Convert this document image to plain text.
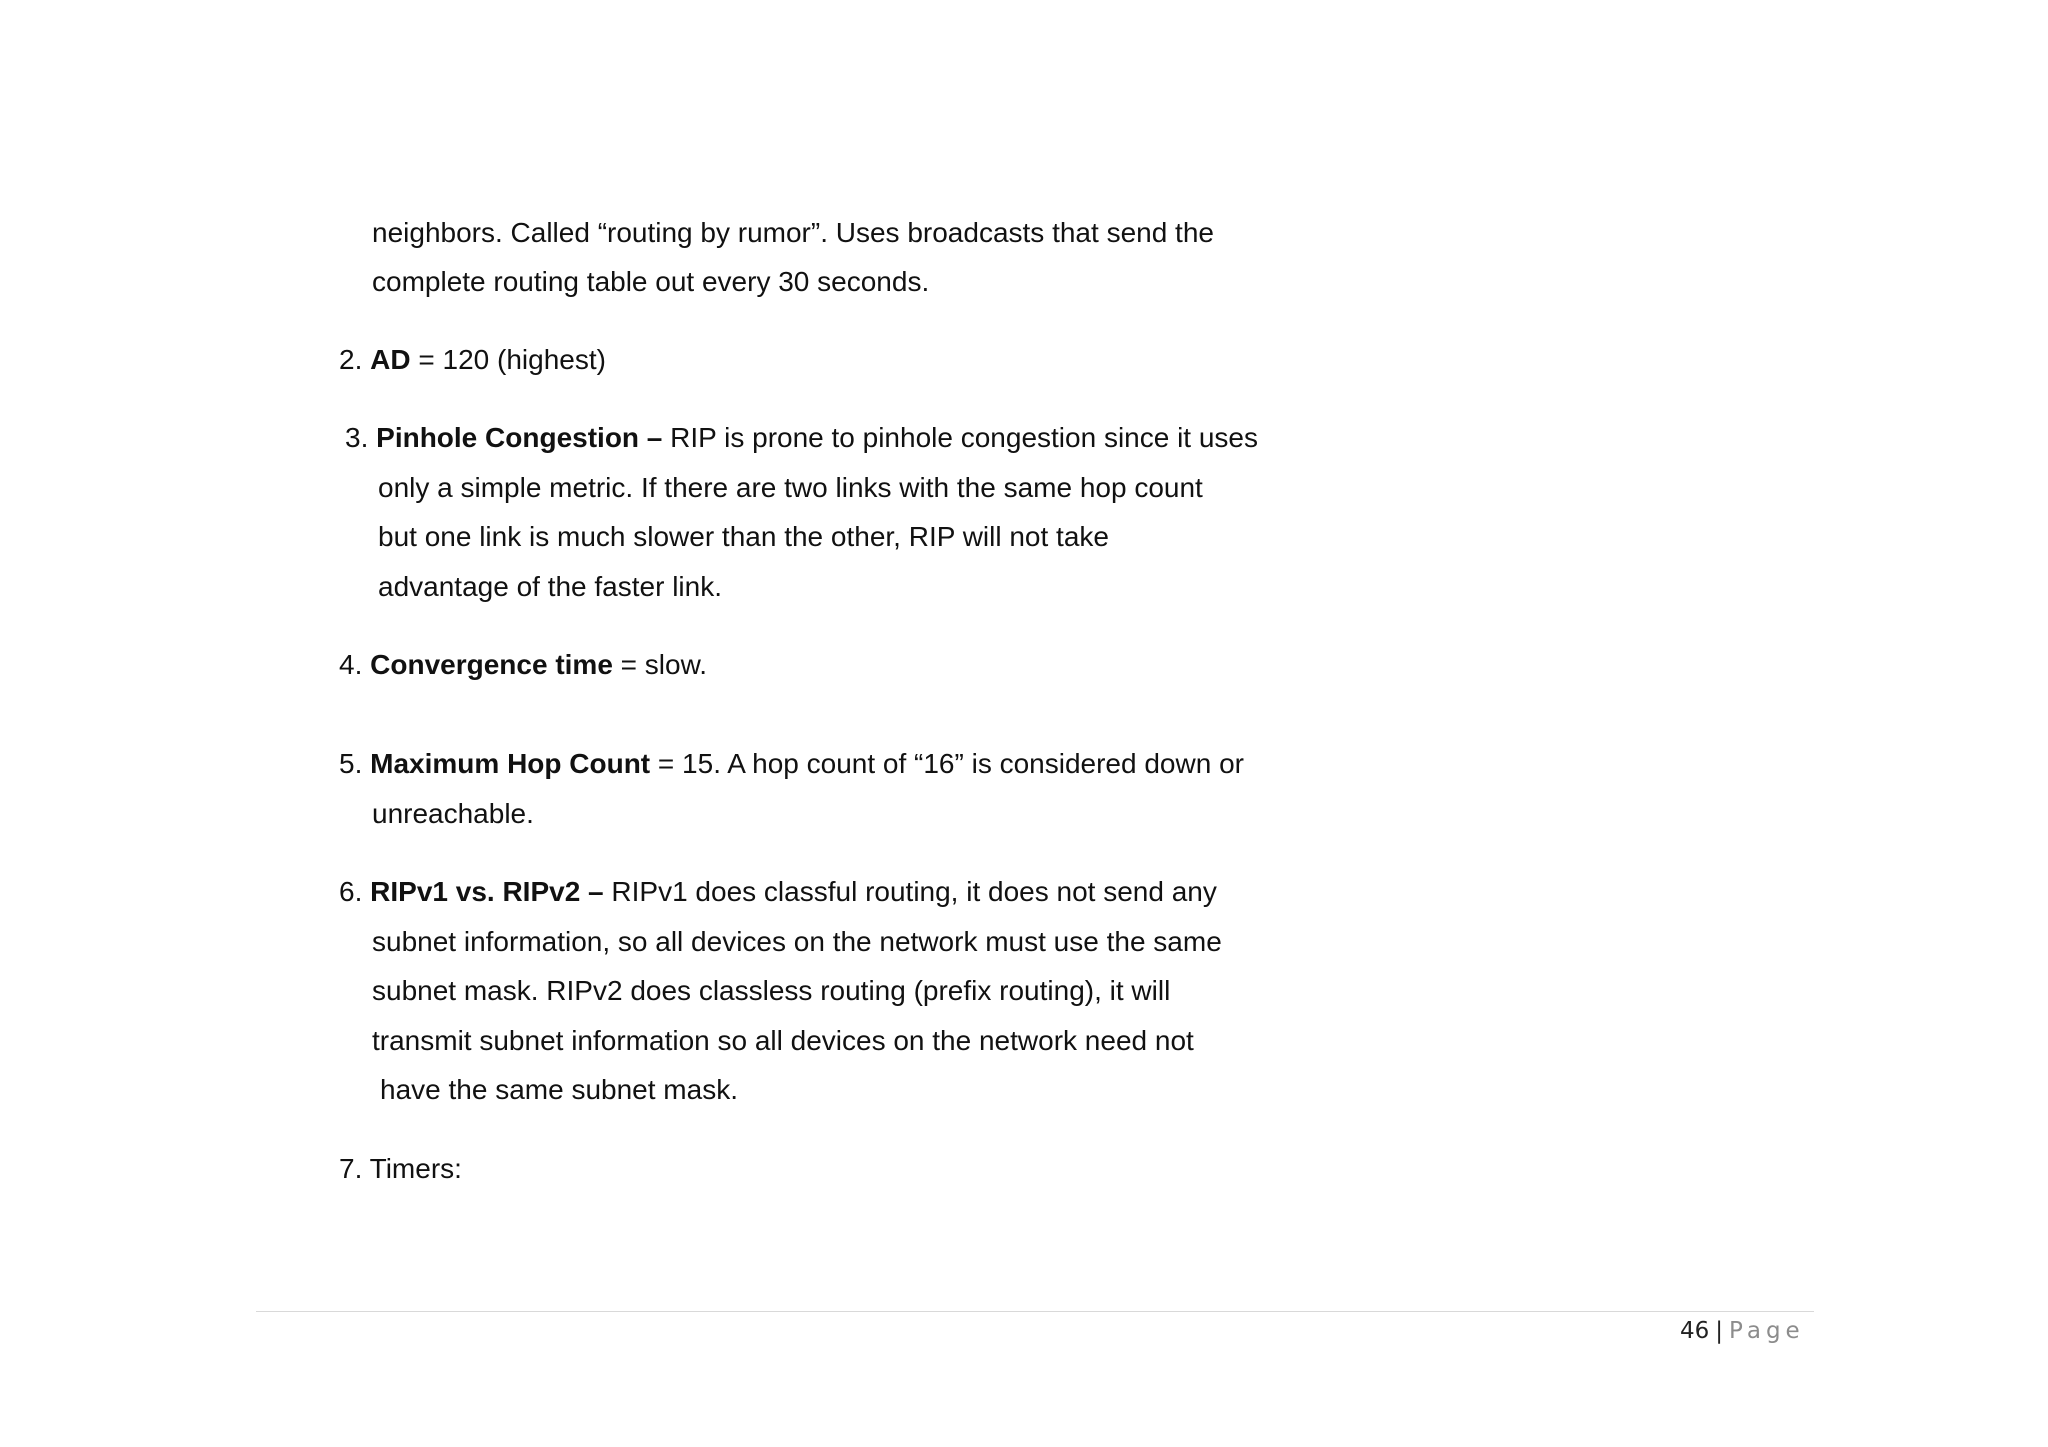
neighbors. Called “routing by rumor”. Uses broadcasts that send the
complete routing table out every 30 seconds.
2. AD = 120 (highest)
3. Pinhole Congestion – RIP is prone to pinhole congestion since it uses
only a simple metric. If there are two links with the same hop count
but one link is much slower than the other, RIP will not take
advantage of the faster link.
4. Convergence time = slow.
5. Maximum Hop Count = 15. A hop count of “16” is considered down or
unreachable.
6. RIPv1 vs. RIPv2 – RIPv1 does classful routing, it does not send any
subnet information, so all devices on the network must use the same
subnet mask. RIPv2 does classless routing (prefix routing), it will
transmit subnet information so all devices on the network need not
have the same subnet mask.
7. Timers:
46 | Page
